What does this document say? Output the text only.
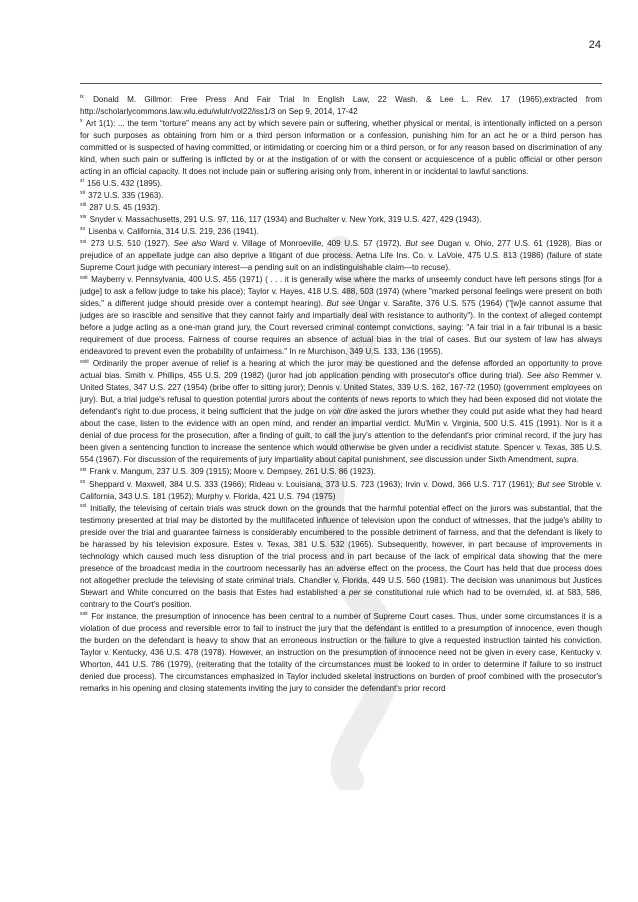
24

$^{ix}$ Donald M. Gillmor: Free Press And Fair Trial In English Law, 22 Wash. & Lee L. Rev. 17 (1965),extracted from http://scholarlycommons.law.wlu.edu/wlulr/vol22/iss1/3 on Sep 9, 2014, 17-42

$^x$ Art 1(1): ... the term “torture” means any act by which severe pain or suffering, whether physical or mental, is intentionally inflicted on a person for such purposes as obtaining from him or a third person information or a confession, punishing him for an act he or a third person has committed or is suspected of having committed, or intimidating or coercing him or a third person, or for any reason based on discrimination of any kind, when such pain or suffering is inflicted by or at the instigation of or with the consent or acquiescence of a public official or other person acting in an official capacity. It does not include pain or suffering arising only from, inherent in or incidental to lawful sanctions.

$^{xi}$ 156 U.S. 432 (1895).

$^{xii}$ 372 U.S. 335 (1963).

$^{xiii}$ 287 U.S. 45 (1932).

$^{xiv}$ Snyder v. Massachusetts, 291 U.S. 97, 116, 117 (1934) and Buchalter v. New York, 319 U.S. 427, 429 (1943).

$^{xv}$ Lisenba v. California, 314 U.S. 219, 236 (1941).

$^{xvi}$ 273 U.S. 510 (1927). See also Ward v. Village of Monroeville, 409 U.S. 57 (1972). But see Dugan v. Ohio, 277 U.S. 61 (1928). Bias or prejudice of an appellate judge can also deprive a litigant of due process. Aetna Life Ins. Co. v. LaVoie, 475 U.S. 813 (1986) (failure of state Supreme Court judge with pecuniary interest—a pending suit on an indistinguishable claim—to recuse).

$^{xvii}$ Mayberry v. Pennsylvania, 400 U.S. 455 (1971) ( . . . it is generally wise where the marks of unseemly conduct have left persons stings [for a judge] to ask a fellow judge to take his place); Taylor v. Hayes, 418 U.S. 488, 503 (1974) (where "marked personal feelings were present on both sides," a different judge should preside over a contempt hearing). But see Ungar v. Sarafite, 376 U.S. 575 (1964) ("[w]e cannot assume that judges are so irascible and sensitive that they cannot fairly and impartially deal with resistance to authority"). In the context of alleged contempt before a judge acting as a one-man grand jury, the Court reversed criminal contempt convictions, saying: "A fair trial in a fair tribunal is a basic requirement of due process. Fairness of course requires an absence of actual bias in the trial of cases. But our system of law has always endeavored to prevent even the probability of unfairness." In re Murchison, 349 U.S. 133, 136 (1955).

$^{xviii}$ Ordinarily the proper avenue of relief is a hearing at which the juror may be questioned and the defense afforded an opportunity to prove actual bias. Smith v. Phillips, 455 U.S. 209 (1982) (juror had job application pending with prosecutor's office during trial). See also Remmer v. United States, 347 U.S. 227 (1954) (bribe offer to sitting juror); Dennis v. United States, 339 U.S. 162, 167-72 (1950) (government employees on jury). But, a trial judge's refusal to question potential jurors about the contents of news reports to which they had been exposed did not violate the defendant's right to due process, it being sufficient that the judge on voir dire asked the jurors whether they could put aside what they had heard about the case, listen to the evidence with an open mind, and render an impartial verdict. Mu'Min v. Virginia, 500 U.S. 415 (1991). Nor is it a denial of due process for the prosecution, after a finding of guilt, to call the jury's attention to the defendant's prior criminal record, if the jury has been given a sentencing function to increase the sentence which would otherwise be given under a recidivist statute. Spencer v. Texas, 385 U.S. 554 (1967). For discussion of the requirements of jury impartiality about capital punishment, see discussion under Sixth Amendment, supra.

$^{xix}$ Frank v. Mangum, 237 U.S. 309 (1915); Moore v. Dempsey, 261 U.S. 86 (1923).

$^{xx}$ Sheppard v. Maxwell, 384 U.S. 333 (1966); Rideau v. Louisiana, 373 U.S. 723 (1963); Irvin v. Dowd, 366 U.S. 717 (1961); But see Stroble v. California, 343 U.S. 181 (1952); Murphy v. Florida, 421 U.S. 794 (1975)

$^{xxi}$ Initially, the televising of certain trials was struck down on the grounds that the harmful potential effect on the jurors was substantial, that the testimony presented at trial may be distorted by the multifaceted influence of television upon the conduct of witnesses, that the judge's ability to preside over the trial and guarantee fairness is considerably encumbered to the possible detriment of fairness, and that the defendant is likely to be harassed by his television exposure. Estes v. Texas, 381 U.S. 532 (1965). Subsequently, however, in part because of improvements in technology which caused much less disruption of the trial process and in part because of the lack of empirical data showing that the mere presence of the broadcast media in the courtroom necessarily has an adverse effect on the process, the Court has held that due process does not altogether preclude the televising of state criminal trials. Chandler v. Florida, 449 U.S. 560 (1981). The decision was unanimous but Justices Stewart and White concurred on the basis that Estes had established a per se constitutional rule which had to be overruled, id. at 583, 586, contrary to the Court's position.

$^{xxii}$ For instance, the presumption of innocence has been central to a number of Supreme Court cases. Thus, under some circumstances it is a violation of due process and reversible error to fail to instruct the jury that the defendant is entitled to a presumption of innocence, even though the burden on the defendant is heavy to show that an erroneous instruction or the failure to give a requested instruction tainted his conviction. Taylor v. Kentucky, 436 U.S. 478 (1978). However, an instruction on the presumption of innocence need not be given in every case, Kentucky v. Whorton, 441 U.S. 786 (1979), (reiterating that the totality of the circumstances must be looked to in order to determine if failure to so instruct denied due process). The circumstances emphasized in Taylor included skeletal instructions on burden of proof combined with the prosecutor's remarks in his opening and closing statements inviting the jury to consider the defendant's prior record
